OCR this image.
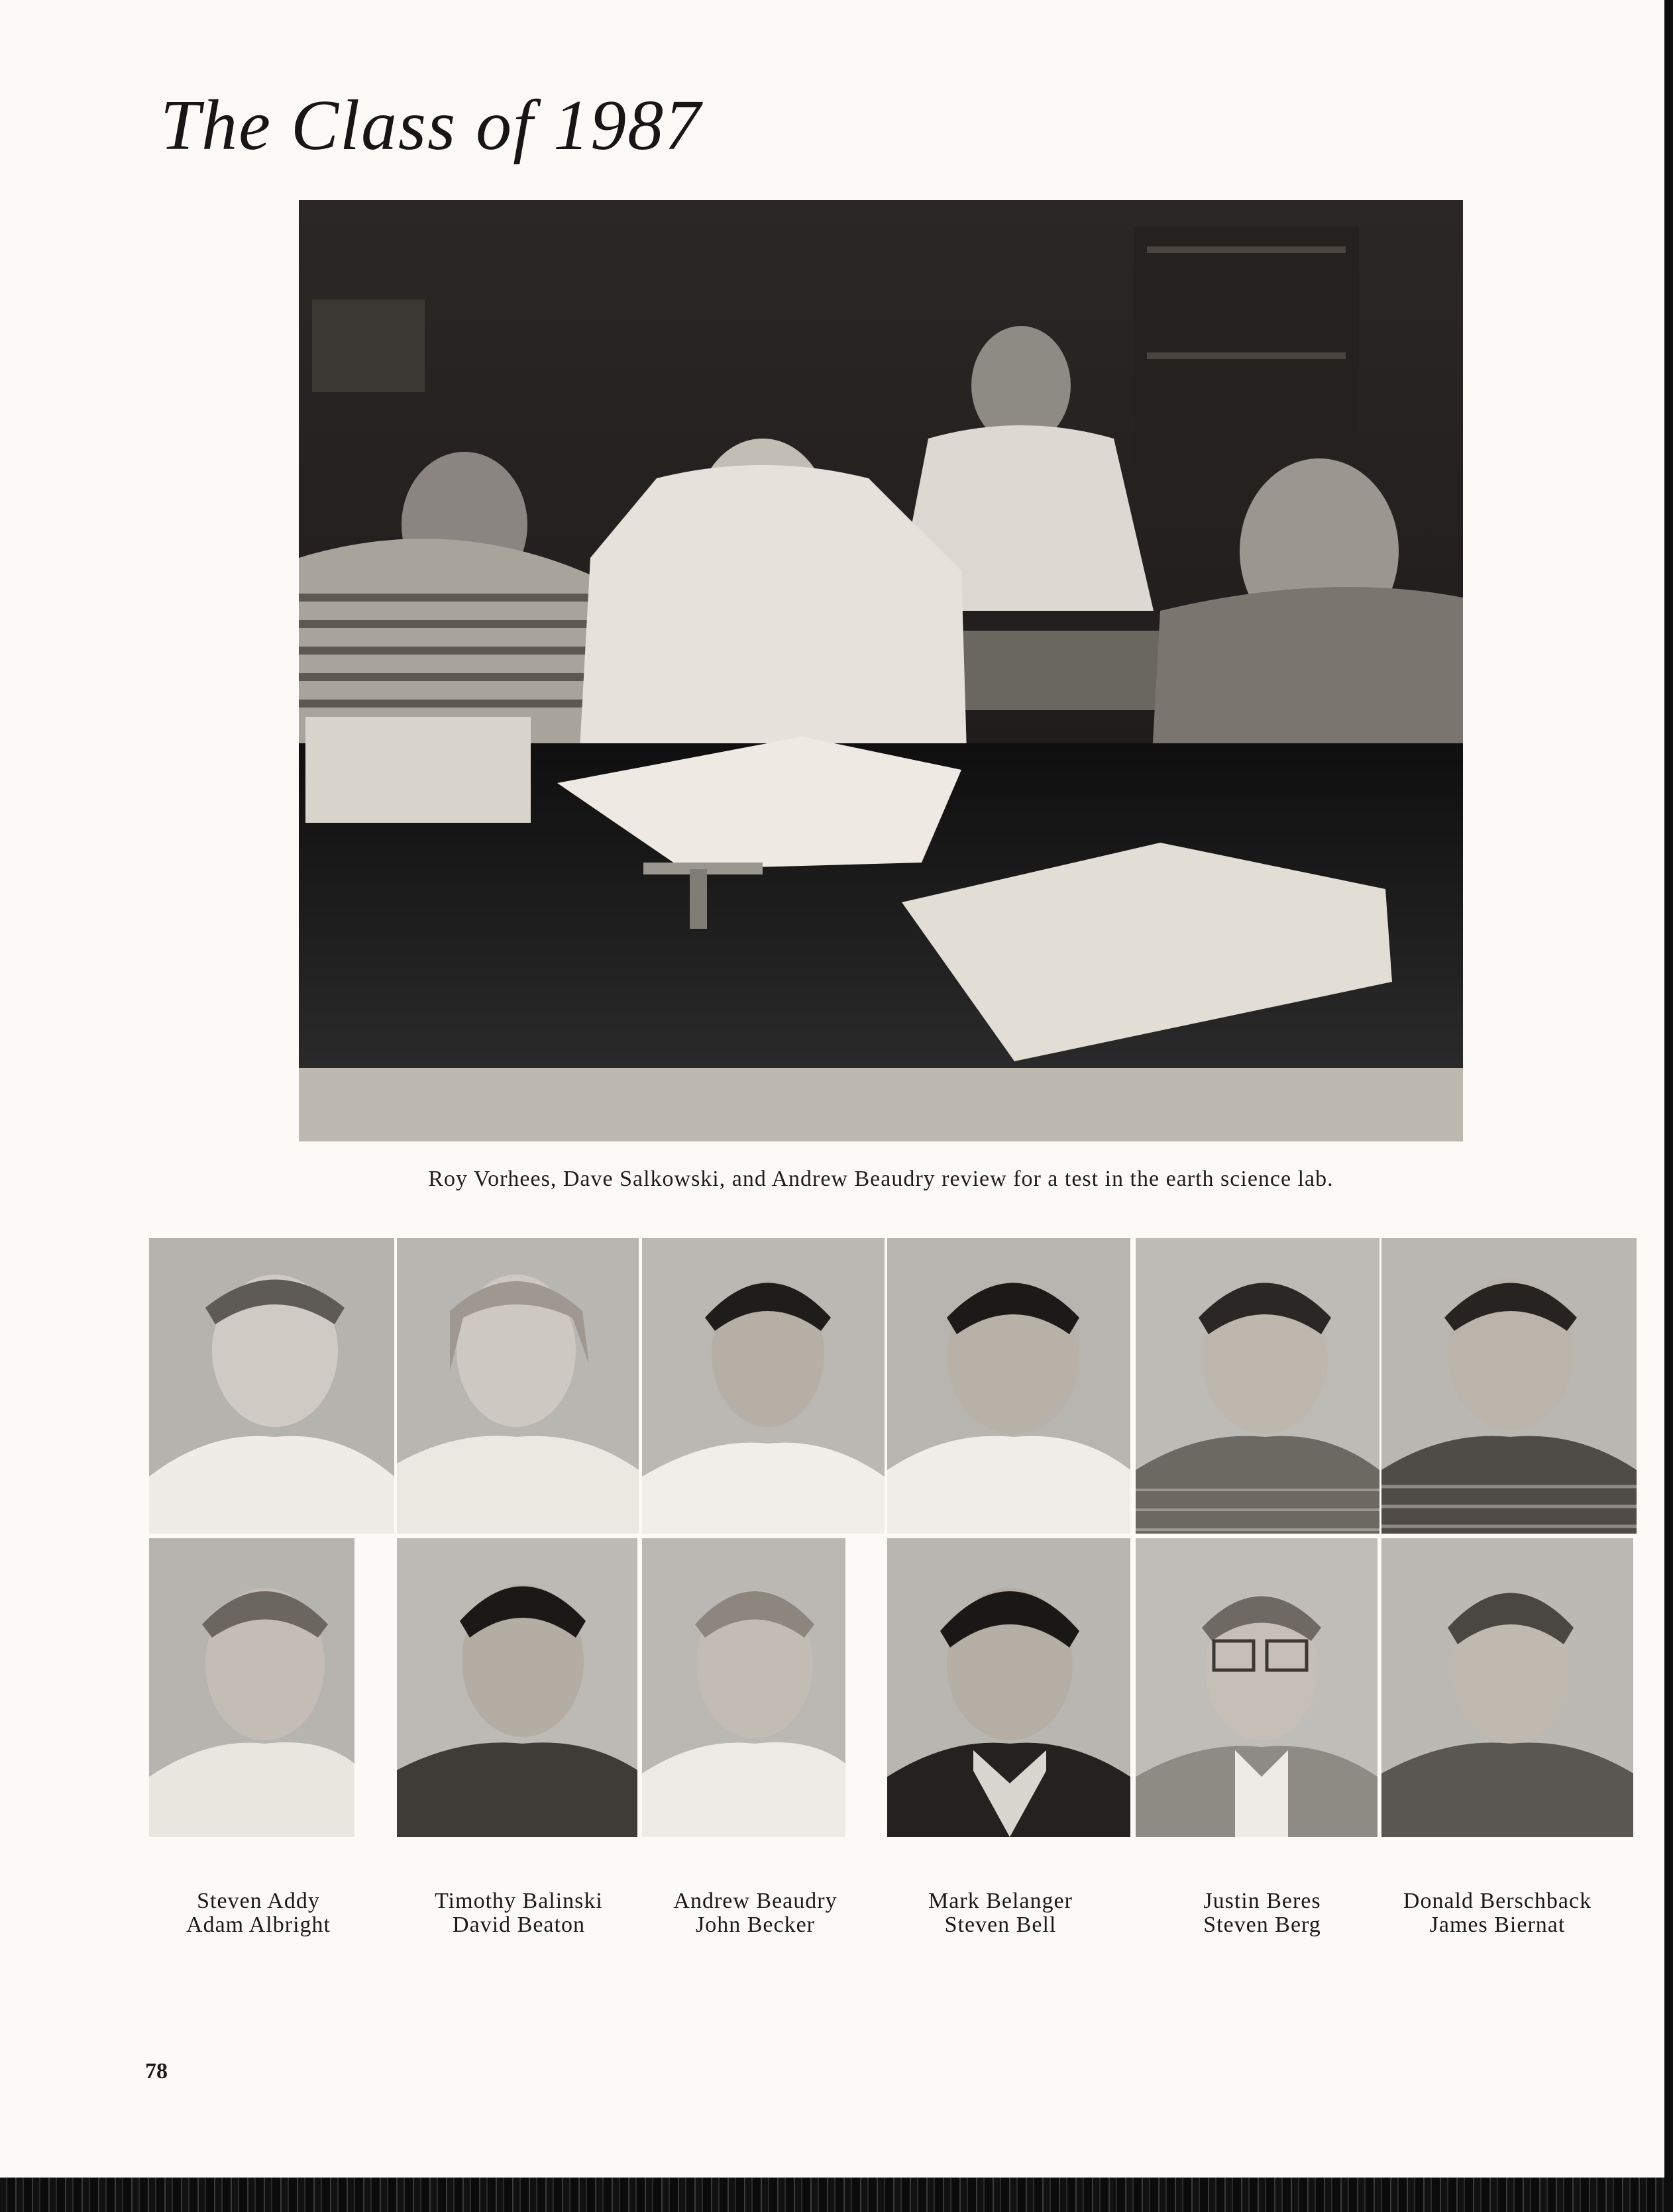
The Class of 1987

Roy Vorhees, Dave Salkowski, and Andrew Beaudry review for a test in the earth science lab.

Steven Addy
Adam Albright
Timothy Balinski
David Beaton
Andrew Beaudry
John Becker
Mark Belanger
Steven Bell
Justin Beres
Steven Berg
Donald Berschback
James Biernat
78
